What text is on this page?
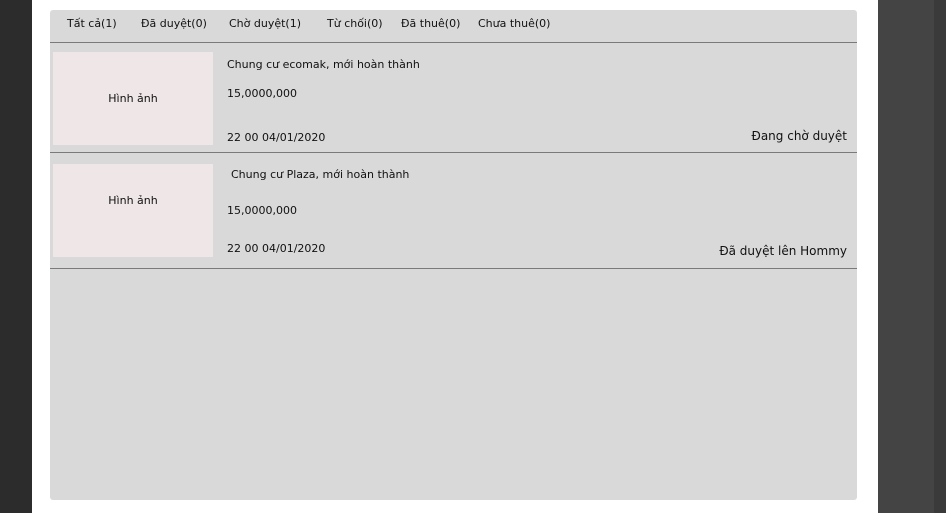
Tất cả(1) Đã duyệt(0) Chờ duyệt(1) Từ chối(0) Đã thuê(0) Chưa thuê(0)
Hình ảnh
Chung cư ecomak, mới hoàn thành
15,0000,000
22 00 04/01/2020	Đang chờ duyệt
Hình ảnh
Chung cư Plaza, mới hoàn thành
15,0000,000
22 00 04/01/2020	Đã duyệt lên Hommy
